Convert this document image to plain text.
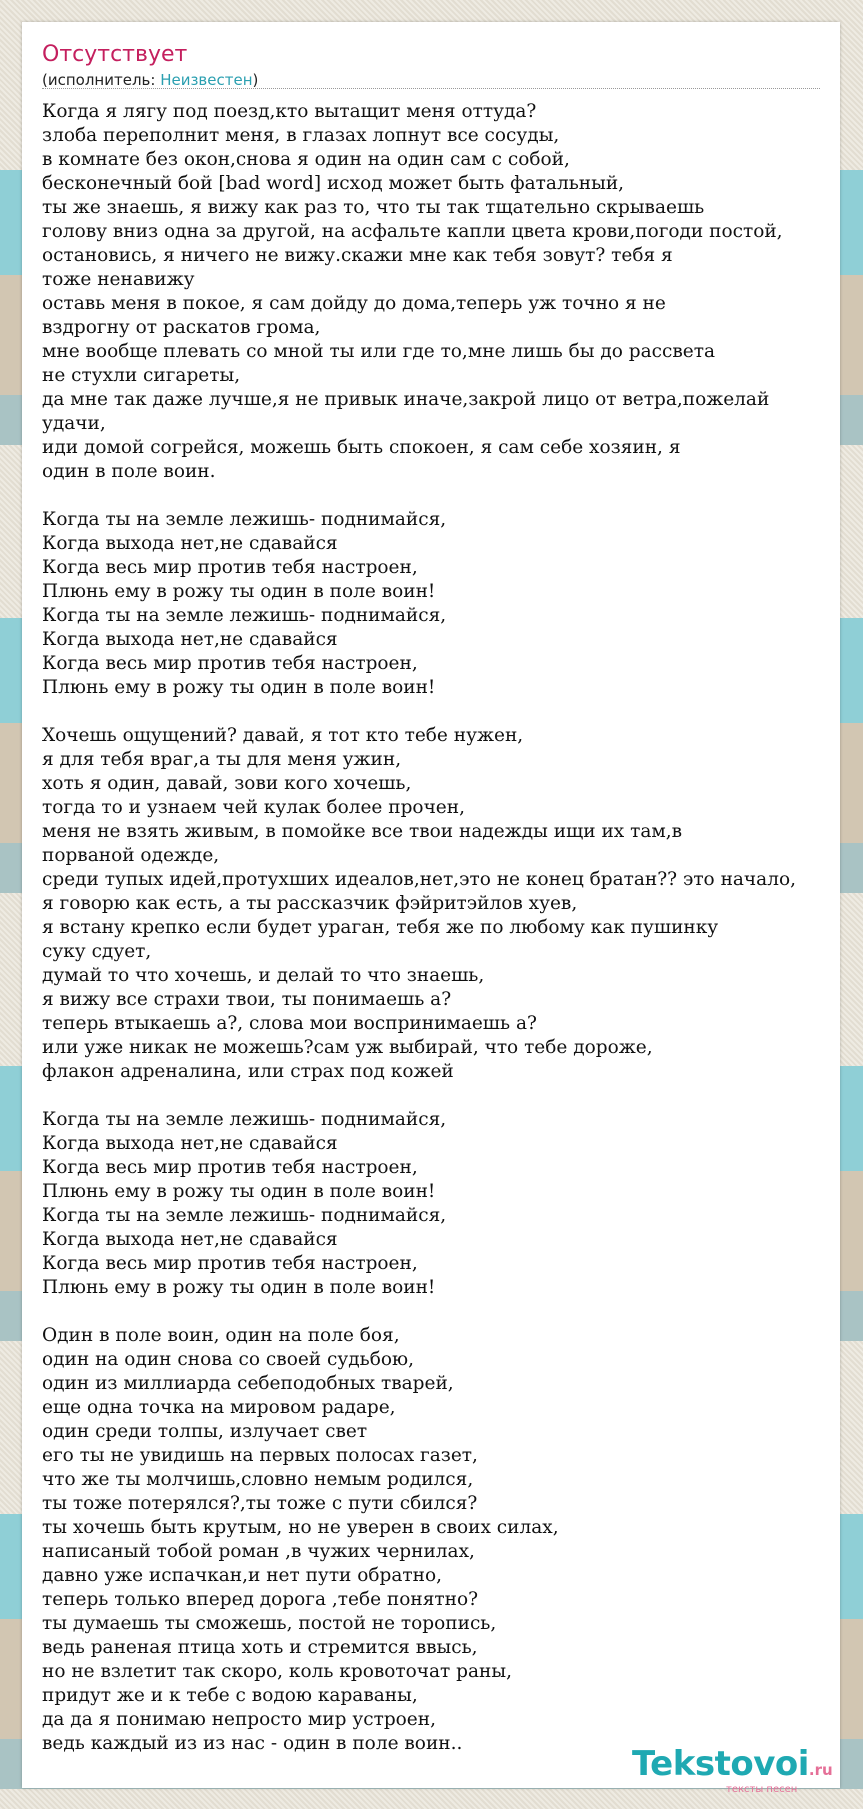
Отсутствует
(исполнитель: Неизвестен)
Когда я лягу под поезд,кто вытащит меня оттуда?
злоба переполнит меня, в глазах лопнут все сосуды,
в комнате без окон,снова я один на один сам с собой,
бесконечный бой [bad word] исход может быть фатальный,
ты же знаешь, я вижу как раз то, что ты так тщательно скрываешь
голову вниз одна за другой, на асфальте капли цвета крови,погоди постой,
остановись, я ничего не вижу.скажи мне как тебя зовут? тебя я
тоже ненавижу
оставь меня в покое, я сам дойду до дома,теперь уж точно я не
вздрогну от раскатов грома,
мне вообще плевать со мной ты или где то,мне лишь бы до рассвета
не стухли сигареты,
да мне так даже лучше,я не привык иначе,закрой лицо от ветра,пожелай
удачи,
иди домой согрейся, можешь быть спокоен, я сам себе хозяин, я
один в поле воин.
Когда ты на земле лежишь- поднимайся,
Когда выхода нет,не сдавайся
Когда весь мир против тебя настроен,
Плюнь ему в рожу ты один в поле воин!
Когда ты на земле лежишь- поднимайся,
Когда выхода нет,не сдавайся
Когда весь мир против тебя настроен,
Плюнь ему в рожу ты один в поле воин!
Хочешь ощущений? давай, я тот кто тебе нужен,
я для тебя враг,а ты для меня ужин,
хоть я один, давай, зови кого хочешь,
тогда то и узнаем чей кулак более прочен,
меня не взять живым, в помойке все твои надежды ищи их там,в
порваной одежде,
среди тупых идей,протухших идеалов,нет,это не конец братан?? это начало,
я говорю как есть, а ты рассказчик фэйритэйлов хуев,
я встану крепко если будет ураган, тебя же по любому как пушинку
суку сдует,
думай то что хочешь, и делай то что знаешь,
я вижу все страхи твои, ты понимаешь а?
теперь втыкаешь а?, слова мои воспринимаешь а?
или уже никак не можешь?сам уж выбирай, что тебе дороже,
флакон адреналина, или страх под кожей
Когда ты на земле лежишь- поднимайся,
Когда выхода нет,не сдавайся
Когда весь мир против тебя настроен,
Плюнь ему в рожу ты один в поле воин!
Когда ты на земле лежишь- поднимайся,
Когда выхода нет,не сдавайся
Когда весь мир против тебя настроен,
Плюнь ему в рожу ты один в поле воин!
Один в поле воин, один на поле боя,
один на один снова со своей судьбою,
один из миллиарда себеподобных тварей,
еще одна точка на мировом радаре,
один среди толпы, излучает свет
его ты не увидишь на первых полосах газет,
что же ты молчишь,словно немым родился,
ты тоже потерялся?,ты тоже с пути сбился?
ты хочешь быть крутым, но не уверен в своих силах,
написаный тобой роман ,в чужих чернилах,
давно уже испачкан,и нет пути обратно,
теперь только вперед дорога ,тебе понятно?
ты думаешь ты сможешь, постой не торопись,
ведь раненая птица хоть и стремится ввысь,
но не взлетит так скоро, коль кровоточат раны,
придут же и к тебе с водою караваны,
да да я понимаю непросто мир устроен,
ведь каждый из из нас - один в поле воин..
Tekstovoi.ru
тексты песен
